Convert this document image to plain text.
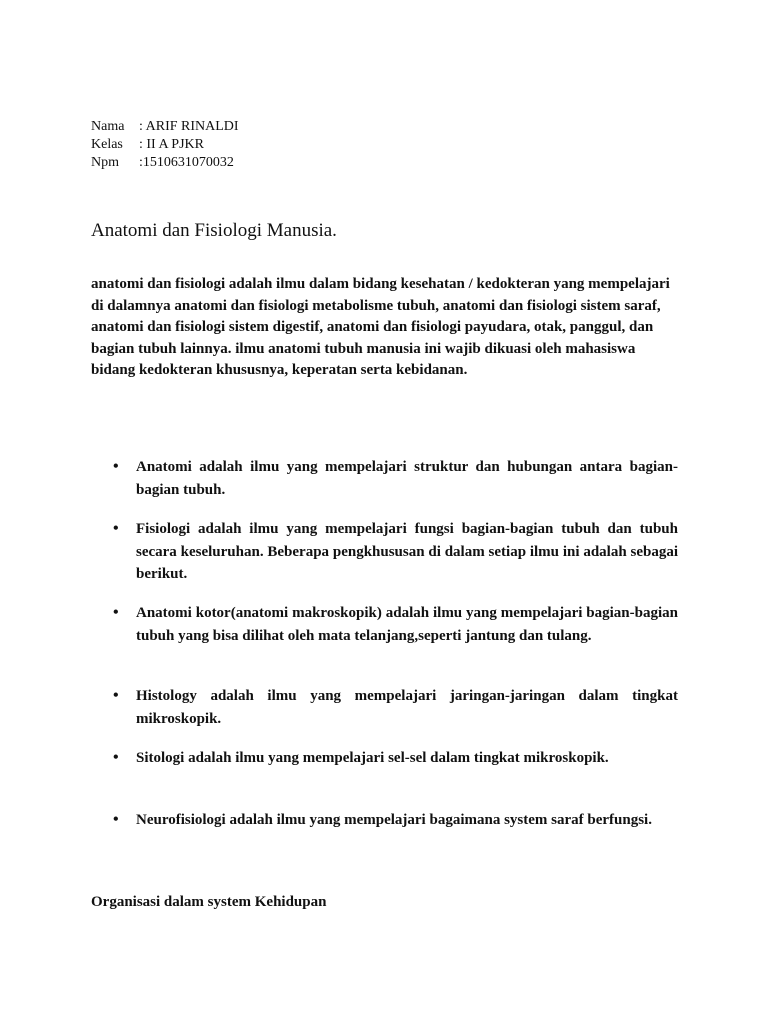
Nama	: ARIF RINALDI
Kelas	: II A PJKR
Npm	:1510631070032
Anatomi dan Fisiologi Manusia.

anatomi dan fisiologi adalah ilmu dalam bidang kesehatan / kedokteran yang mempelajari di dalamnya anatomi dan fisiologi metabolisme tubuh, anatomi dan fisiologi sistem saraf, anatomi dan fisiologi sistem digestif, anatomi dan fisiologi payudara, otak, panggul, dan bagian tubuh lainnya. ilmu anatomi tubuh manusia ini wajib dikuasi oleh mahasiswa bidang kedokteran khususnya, keperatan serta kebidanan.

• Anatomi adalah ilmu yang mempelajari struktur dan hubungan antara bagian-bagian tubuh.
• Fisiologi adalah ilmu yang mempelajari fungsi bagian-bagian tubuh dan tubuh secara keseluruhan. Beberapa pengkhususan di dalam setiap ilmu ini adalah sebagai berikut.
• Anatomi kotor(anatomi makroskopik) adalah ilmu yang mempelajari bagian-bagian tubuh yang bisa dilihat oleh mata telanjang,seperti jantung dan tulang.
• Histology adalah ilmu yang mempelajari jaringan-jaringan dalam tingkat mikroskopik.
• Sitologi adalah ilmu yang mempelajari sel-sel dalam tingkat mikroskopik.
• Neurofisiologi adalah ilmu yang mempelajari bagaimana system saraf berfungsi.
Organisasi dalam system Kehidupan
